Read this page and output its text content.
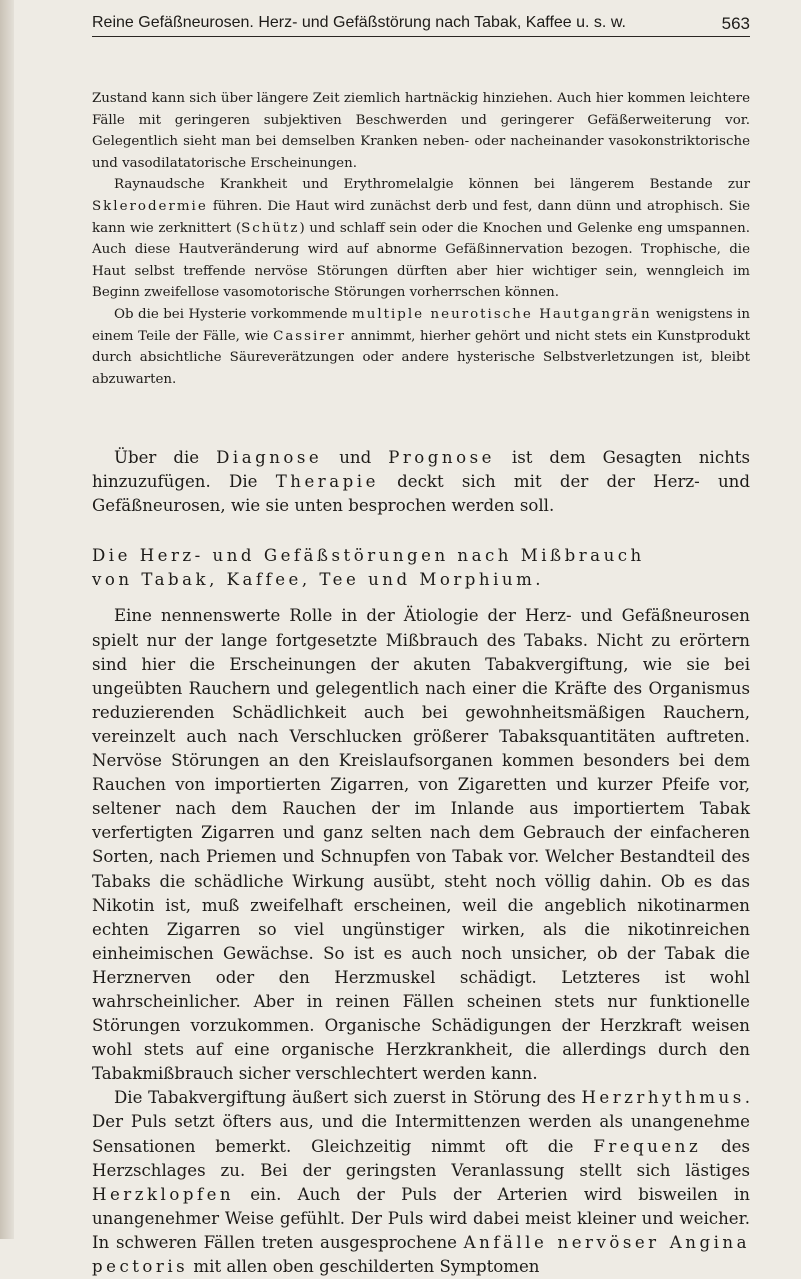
Reine Gefäßneurosen. Herz- und Gefäßstörung nach Tabak, Kaffee u. s. w.	563

Zustand kann sich über längere Zeit ziemlich hartnäckig hinziehen. Auch hier kommen leichtere Fälle mit geringeren subjektiven Beschwerden und geringerer Gefäßerweiterung vor. Gelegentlich sieht man bei demselben Kranken neben- oder nacheinander vasokonstriktorische und vasodilatatorische Erscheinungen.

Raynaudsche Krankheit und Erythromelalgie können bei längerem Bestande zur Sklerodermie führen. Die Haut wird zunächst derb und fest, dann dünn und atrophisch. Sie kann wie zerknittert (Schütz) und schlaff sein oder die Knochen und Gelenke eng umspannen. Auch diese Hautveränderung wird auf abnorme Gefäßinnervation bezogen. Trophische, die Haut selbst treffende nervöse Störungen dürften aber hier wichtiger sein, wenngleich im Beginn zweifellose vasomotorische Störungen vorherrschen können.

Ob die bei Hysterie vorkommende multiple neurotische Hautgangrän wenigstens in einem Teile der Fälle, wie Cassirer annimmt, hierher gehört und nicht stets ein Kunstprodukt durch absichtliche Säureverätzungen oder andere hysterische Selbstverletzungen ist, bleibt abzuwarten.

Über die Diagnose und Prognose ist dem Gesagten nichts hinzuzufügen. Die Therapie deckt sich mit der der Herz- und Gefäßneurosen, wie sie unten besprochen werden soll.

Die Herz- und Gefäßstörungen nach Mißbrauch
von Tabak, Kaffee, Tee und Morphium.

Eine nennenswerte Rolle in der Ätiologie der Herz- und Gefäßneurosen spielt nur der lange fortgesetzte Mißbrauch des Tabaks. Nicht zu erörtern sind hier die Erscheinungen der akuten Tabakvergiftung, wie sie bei ungeübten Rauchern und gelegentlich nach einer die Kräfte des Organismus reduzierenden Schädlichkeit auch bei gewohnheitsmäßigen Rauchern, vereinzelt auch nach Verschlucken größerer Tabaksquantitäten auftreten. Nervöse Störungen an den Kreislaufsorganen kommen besonders bei dem Rauchen von importierten Zigarren, von Zigaretten und kurzer Pfeife vor, seltener nach dem Rauchen der im Inlande aus importiertem Tabak verfertigten Zigarren und ganz selten nach dem Gebrauch der einfacheren Sorten, nach Priemen und Schnupfen von Tabak vor. Welcher Bestandteil des Tabaks die schädliche Wirkung ausübt, steht noch völlig dahin. Ob es das Nikotin ist, muß zweifelhaft erscheinen, weil die angeblich nikotinarmen echten Zigarren so viel ungünstiger wirken, als die nikotinreichen einheimischen Gewächse. So ist es auch noch unsicher, ob der Tabak die Herznerven oder den Herzmuskel schädigt. Letzteres ist wohl wahrscheinlicher. Aber in reinen Fällen scheinen stets nur funktionelle Störungen vorzukommen. Organische Schädigungen der Herzkraft weisen wohl stets auf eine organische Herzkrankheit, die allerdings durch den Tabakmißbrauch sicher verschlechtert werden kann.

Die Tabakvergiftung äußert sich zuerst in Störung des Herzrhythmus. Der Puls setzt öfters aus, und die Intermittenzen werden als unangenehme Sensationen bemerkt. Gleichzeitig nimmt oft die Frequenz des Herzschlages zu. Bei der geringsten Veranlassung stellt sich lästiges Herzklopfen ein. Auch der Puls der Arterien wird bisweilen in unangenehmer Weise gefühlt. Der Puls wird dabei meist kleiner und weicher. In schweren Fällen treten ausgesprochene Anfälle nervöser Angina pectoris mit allen oben geschilderten Symptomen
